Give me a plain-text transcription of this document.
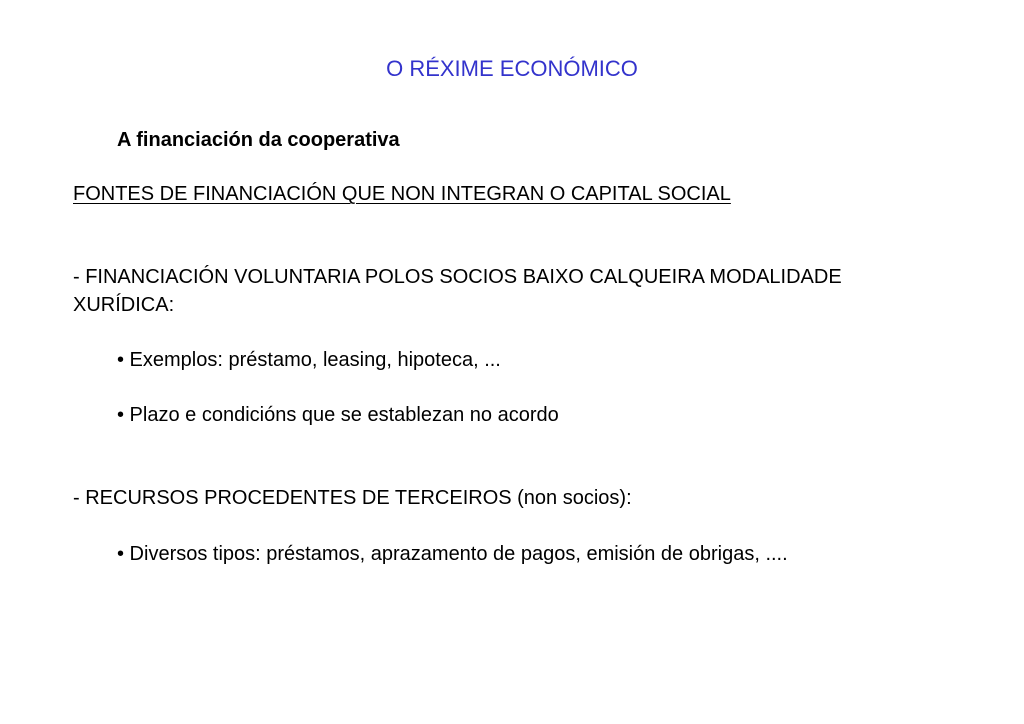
O RÉXIME ECONÓMICO
A financiación da cooperativa
FONTES DE FINANCIACIÓN QUE NON INTEGRAN O CAPITAL SOCIAL
- FINANCIACIÓN VOLUNTARIA POLOS SOCIOS BAIXO CALQUEIRA MODALIDADE
XURÍDICA:
• Exemplos: préstamo, leasing, hipoteca, ...
• Plazo e condicións que se establezan no acordo
- RECURSOS PROCEDENTES DE TERCEIROS (non socios):
• Diversos tipos: préstamos, aprazamento de pagos, emisión de obrigas, ....
